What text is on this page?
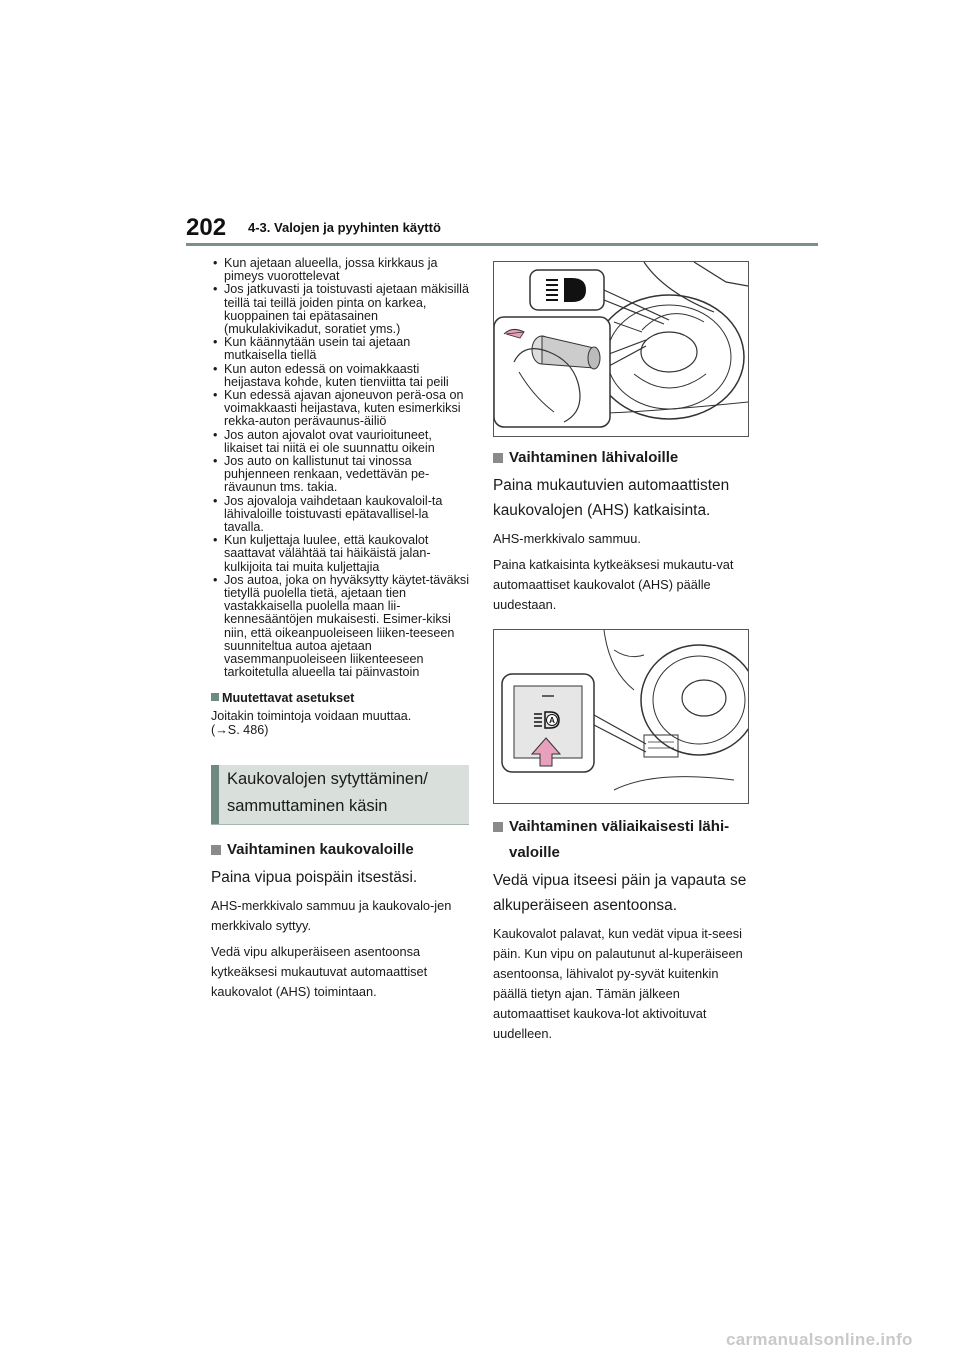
202 4-3. Valojen ja pyyhinten käyttö
• Kun ajetaan alueella, jossa kirkkaus ja pimeys vuorottelevat
• Jos jatkuvasti ja toistuvasti ajetaan mäkisillä teillä tai teillä joiden pinta on karkea, kuoppainen tai epätasainen (mukulakivikadut, soratiet yms.)
• Kun käännytään usein tai ajetaan mutkaisella tiellä
• Kun auton edessä on voimakkaasti heijastava kohde, kuten tienviitta tai peili
• Kun edessä ajavan ajoneuvon perä-osa on voimakkaasti heijastava, kuten esimerkiksi rekka-auton perävaunus-äiliö
• Jos auton ajovalot ovat vaurioituneet, likaiset tai niitä ei ole suunnattu oikein
• Jos auto on kallistunut tai vinossa puhjenneen renkaan, vedettävän pe-rävaunun tms. takia.
• Jos ajovaloja vaihdetaan kaukovaloil-ta lähivaloille toistuvasti epätavallisel-la tavalla.
• Kun kuljettaja luulee, että kaukovalot saattavat välähtää tai häikäistä jalan-kulkijoita tai muita kuljettajia
• Jos autoa, joka on hyväksytty käytet-täväksi tietyllä puolella tietä, ajetaan tien vastakkaisella puolella maan lii-kennesääntöjen mukaisesti. Esimer-kiksi niin, että oikeanpuoleiseen liiken-teeseen suunniteltua autoa ajetaan vasemmanpuoleiseen liikenteeseen tarkoitetulla alueella tai päinvastoin
Muutettavat asetukset
Joitakin toimintoja voidaan muuttaa.
(→S. 486)
Kaukovalojen sytyttäminen/
sammuttaminen käsin
Vaihtaminen kaukovaloille
Paina vipua poispäin itsestäsi.
AHS-merkkivalo sammuu ja kaukovalo-jen merkkivalo syttyy.
Vedä vipu alkuperäiseen asentoonsa kytkeäksesi mukautuvat automaattiset kaukovalot (AHS) toimintaan.
Vaihtaminen lähivaloille
Paina mukautuvien automaattisten kaukovalojen (AHS) katkaisinta.
AHS-merkkivalo sammuu.
Paina katkaisinta kytkeäksesi mukautu-vat automaattiset kaukovalot (AHS) päälle uudestaan.
A
Vaihtaminen väliaikaisesti lähi-
valoille
Vedä vipua itseesi päin ja vapauta se alkuperäiseen asentoonsa.
Kaukovalot palavat, kun vedät vipua it-seesi päin. Kun vipu on palautunut al-kuperäiseen asentoonsa, lähivalot py-syvät kuitenkin päällä tietyn ajan. Tämän jälkeen automaattiset kaukova-lot aktivoituvat uudelleen.
carmanualsonline.info
